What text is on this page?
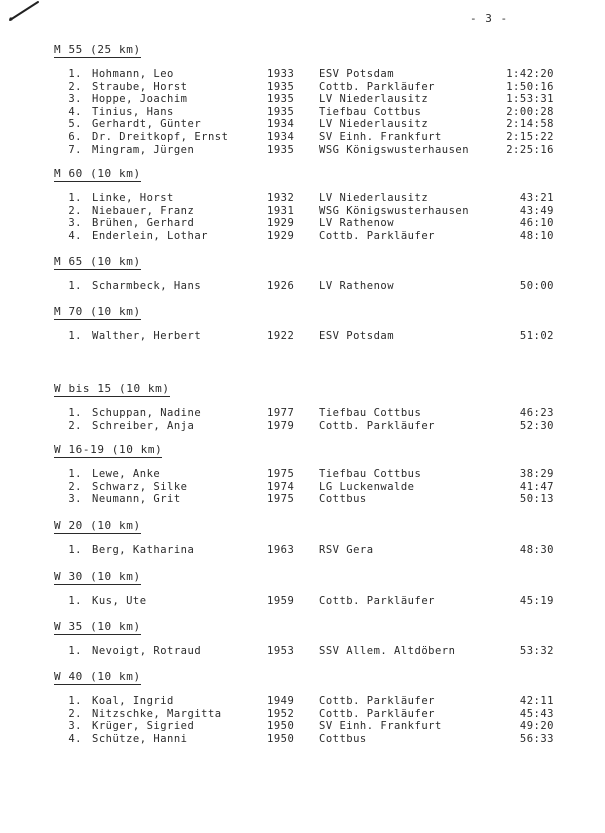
- 3 -
M 55 (25 km)
1. Hohmann, Leo	1933 ESV Potsdam	1:42:20
2. Straube, Horst	1935 Cottb. Parkläufer	1:50:16
3. Hoppe, Joachim	1935 LV Niederlausitz	1:53:31
4. Tinius, Hans	1935 Tiefbau Cottbus	2:00:28
5. Gerhardt, Günter	1934 LV Niederlausitz	2:14:58
6. Dr. Dreitkopf, Ernst	1934 SV Einh. Frankfurt	2:15:22
7. Mingram, Jürgen	1935 WSG Königswusterhausen	2:25:16
M 60 (10 km)
1. Linke, Horst	1932 LV Niederlausitz	43:21
2. Niebauer, Franz	1931 WSG Königswusterhausen	43:49
3. Brühen, Gerhard	1929 LV Rathenow	46:10
4. Enderlein, Lothar	1929 Cottb. Parkläufer	48:10
M 65 (10 km)
1. Scharmbeck, Hans	1926 LV Rathenow	50:00
M 70 (10 km)
1. Walther, Herbert	1922 ESV Potsdam	51:02
W bis 15 (10 km)
1. Schuppan, Nadine	1977 Tiefbau Cottbus	46:23
2. Schreiber, Anja	1979 Cottb. Parkläufer	52:30
W 16-19 (10 km)
1. Lewe, Anke	1975 Tiefbau Cottbus	38:29
2. Schwarz, Silke	1974 LG Luckenwalde	41:47
3. Neumann, Grit	1975 Cottbus	50:13
W 20 (10 km)
1. Berg, Katharina	1963 RSV Gera	48:30
W 30 (10 km)
1. Kus, Ute	1959 Cottb. Parkläufer	45:19
W 35 (10 km)
1. Nevoigt, Rotraud	1953 SSV Allem. Altdöbern	53:32
W 40 (10 km)
1. Koal, Ingrid	1949 Cottb. Parkläufer	42:11
2. Nitzschke, Margitta	1952 Cottb. Parkläufer	45:43
3. Krüger, Sigried	1950 SV Einh. Frankfurt	49:20
4. Schütze, Hanni	1950 Cottbus	56:33
